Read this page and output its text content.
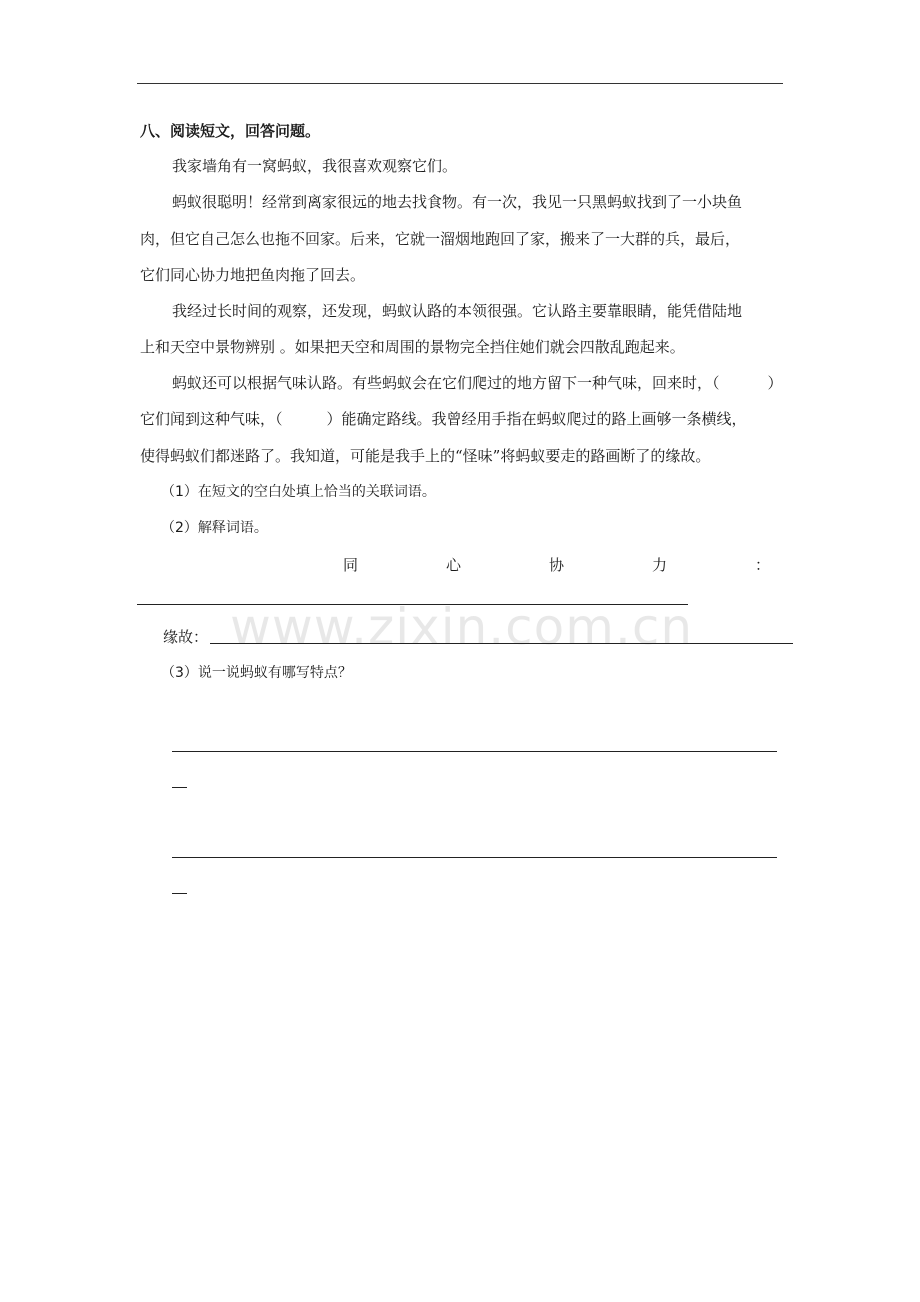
八、阅读短文，回答问题。
我家墙角有一窝蚂蚁，我很喜欢观察它们。
蚂蚁很聪明！经常到离家很远的地去找食物。有一次，我见一只黑蚂蚁找到了一小块鱼
肉，但它自己怎么也拖不回家。后来，它就一溜烟地跑回了家，搬来了一大群的兵，最后，
它们同心协力地把鱼肉拖了回去。
我经过长时间的观察，还发现，蚂蚁认路的本领很强。它认路主要靠眼睛，能凭借陆地
上和天空中景物辨别 。如果把天空和周围的景物完全挡住她们就会四散乱跑起来。
蚂蚁还可以根据气味认路。有些蚂蚁会在它们爬过的地方留下一种气味，回来时，（	）
它们闻到这种气味，（	）能确定路线。我曾经用手指在蚂蚁爬过的路上画够一条横线，
使得蚂蚁们都迷路了。我知道，可能是我手上的“怪味”将蚂蚁要走的路画断了的缘故。
（1）在短文的空白处填上恰当的关联词语。
（2）解释词语。
同	心	协	力	：
www.zixin.com.cn
缘故：
（3）说一说蚂蚁有哪写特点？
